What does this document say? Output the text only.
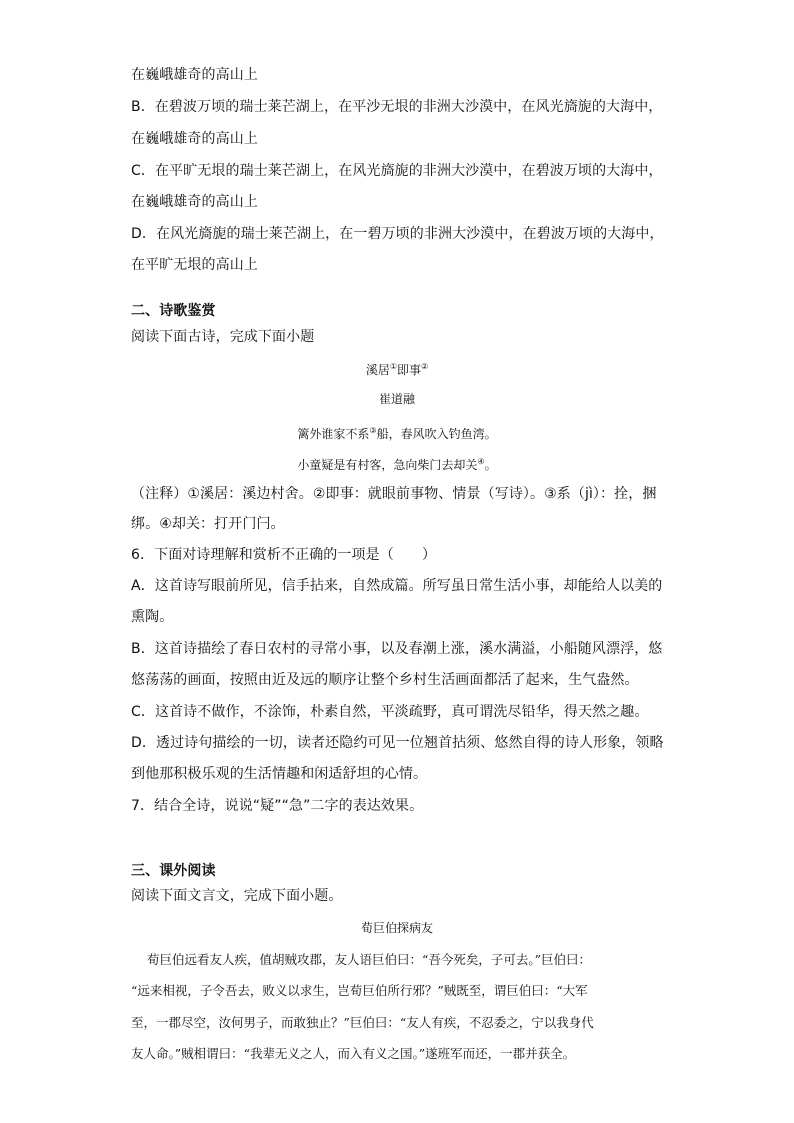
在巍峨雄奇的高山上
B．在碧波万顷的瑞士莱芒湖上，在平沙无垠的非洲大沙漠中，在风光旖旎的大海中，
在巍峨雄奇的高山上
C．在平旷无垠的瑞士莱芒湖上，在风光旖旎的非洲大沙漠中，在碧波万顷的大海中，
在巍峨雄奇的高山上
D．在风光旖旎的瑞士莱芒湖上，在一碧万顷的非洲大沙漠中，在碧波万顷的大海中，
在平旷无垠的高山上
二、诗歌鉴赏
阅读下面古诗，完成下面小题
溪居①即事②
崔道融
篱外谁家不系③船，春风吹入钓鱼湾。
小童疑是有村客，急向柴门去却关④。
（注释）①溪居：溪边村舍。②即事：就眼前事物、情景（写诗）。③系（jì）：拴，捆
绑。④却关：打开门闩。
6．下面对诗理解和赏析不正确的一项是（　　）
A．这首诗写眼前所见，信手拈来，自然成篇。所写虽日常生活小事，却能给人以美的
熏陶。
B．这首诗描绘了春日农村的寻常小事，以及春潮上涨，溪水满溢，小船随风漂浮，悠
悠荡荡的画面，按照由近及远的顺序让整个乡村生活画面都活了起来，生气盎然。
C．这首诗不做作，不涂饰，朴素自然，平淡疏野，真可谓洗尽铅华，得天然之趣。
D．透过诗句描绘的一切，读者还隐约可见一位翘首拈须、悠然自得的诗人形象，领略
到他那积极乐观的生活情趣和闲适舒坦的心情。
7．结合全诗，说说“疑”“急”二字的表达效果。
三、课外阅读
阅读下面文言文，完成下面小题。
荀巨伯探病友
荀巨伯远看友人疾，值胡贼攻郡，友人语巨伯曰：“吾今死矣，子可去。”巨伯曰：
“远来相视，子令吾去，败义以求生，岂荀巨伯所行邪？”贼既至，谓巨伯曰：“大军
至，一郡尽空，汝何男子，而敢独止？”巨伯曰：“友人有疾，不忍委之，宁以我身代
友人命。”贼相谓曰：“我辈无义之人，而入有义之国。”遂班军而还，一郡并获全。
